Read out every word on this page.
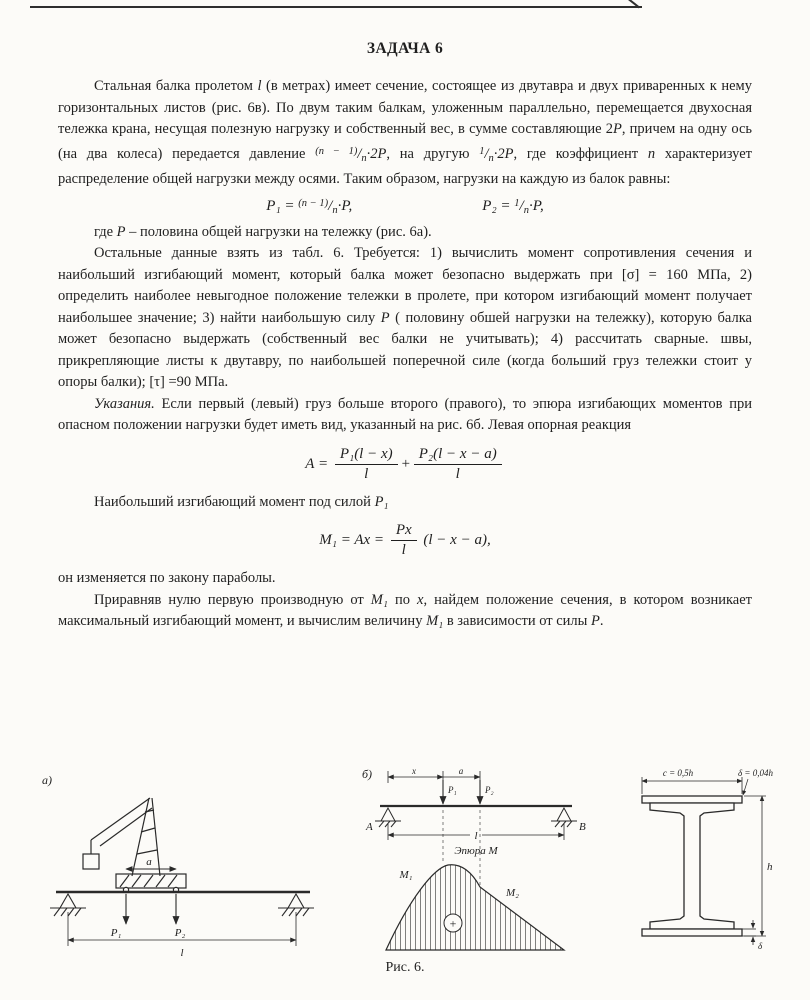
ЗАДАЧА 6

Стальная балка пролетом l (в метрах) имеет сечение, состоящее из двутавра и двух приваренных к нему горизонтальных листов (рис. 6в). По двум таким балкам, уложенным параллельно, перемещается двухосная тележка крана, несущая полезную нагрузку и собственный вес, в сумме составляющие 2P, причем на одну ось (на два колеса) передается давление $^{(n - 1)}/_n\cdot 2P$, на другую $^1/_n\cdot 2P$, где коэффициент n характеризует распределение общей нагрузки между осями. Таким образом, нагрузки на каждую из балок равны:

$P_1 = ^{(n - 1)}/_n\cdot P$,	$P_2 = ^1/_n\cdot P$,

где P – половина общей нагрузки на тележку (рис. 6а).

Остальные данные взять из табл. 6. Требуется: 1) вычислить момент сопротивления сечения и наибольший изгибающий момент, который балка может безопасно выдержать при [σ] = 160 МПа, 2) определить наиболее невыгодное положение тележки в пролете, при котором изгибающий момент получает наибольшее значение; 3) найти наибольшую силу P ( половину обшей нагрузки на тележку), которую балка может безопасно выдержать (собственный вес балки не учитывать); 4) рассчитать сварные. швы, прикрепляющие листы к двутавру, по наибольшей поперечной силе (когда больший груз тележки стоит у опоры балки); [τ] =90 МПа.

Указания. Если первый (левый) груз больше второго (правого), то эпюра изгибающих моментов при опасном положении нагрузки будет иметь вид, указанный на рис. 6б. Левая опорная реакция

$A = \frac{\text{P₁(l − x)}}{l} + \frac{\text{P₂(l − x − a)}}{l}$

Наибольший изгибающий момент под силой P₁

$M_1 = Ax = \frac{Px}{l} (l - x - a)$,

он изменяется по закону параболы.

Приравняв нулю первую производную от M₁ по x, найдем положение сечения, в котором возникает максимальный изгибающий момент, и вычислим величину M₁ в зависимости от силы P.

а)
a
P₁	P₂
l
б)	x	a
P₁	P₂
A	B
l
Эпюра М
M₁
M₂
+
c = 0,5h	δ = 0,04h
h
δ
Рис. 6.
